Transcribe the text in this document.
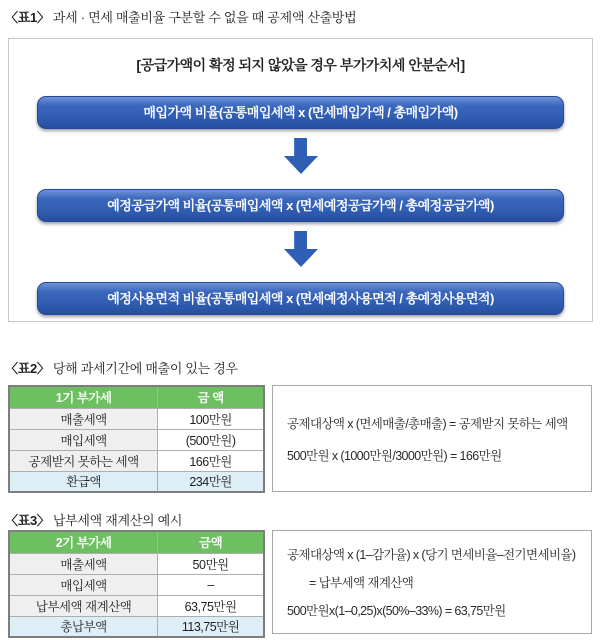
〈표1〉 과세 · 면세 매출비율 구분할 수 없을 때 공제액 산출방법
[공급가액이 확정 되지 않았을 경우 부가가치세 안분순서]
매입가액 비율(공통매입세액 x (면세매입가액 / 총매입가액)
예정공급가액 비율(공통매입세액 x (면세예정공급가액 / 총예정공급가액)
예정사용면적 비율(공통매입세액 x (면세예정사용면적 / 총예정사용면적)
〈표2〉 당해 과세기간에 매출이 있는 경우
1기 부가세	금 액
매출세액	100만원
매입세액	(500만원)
공제받지 못하는 세액	166만원
환급액	234만원
공제대상액 x (면세매출/총매출) = 공제받지 못하는 세액
500만원 x (1000만원/3000만원) = 166만원
〈표3〉 납부세액 재계산의 예시
2기 부가세	금액
매출세액	50만원
매입세액	–
납부세액 재계산액	63,75만원
총납부액	113,75만원
공제대상액 x (1–감가율) x (당기 면세비율–전기면세비율)
= 납부세액 재계산액
500만원x(1–0,25)x(50%–33%) = 63,75만원
